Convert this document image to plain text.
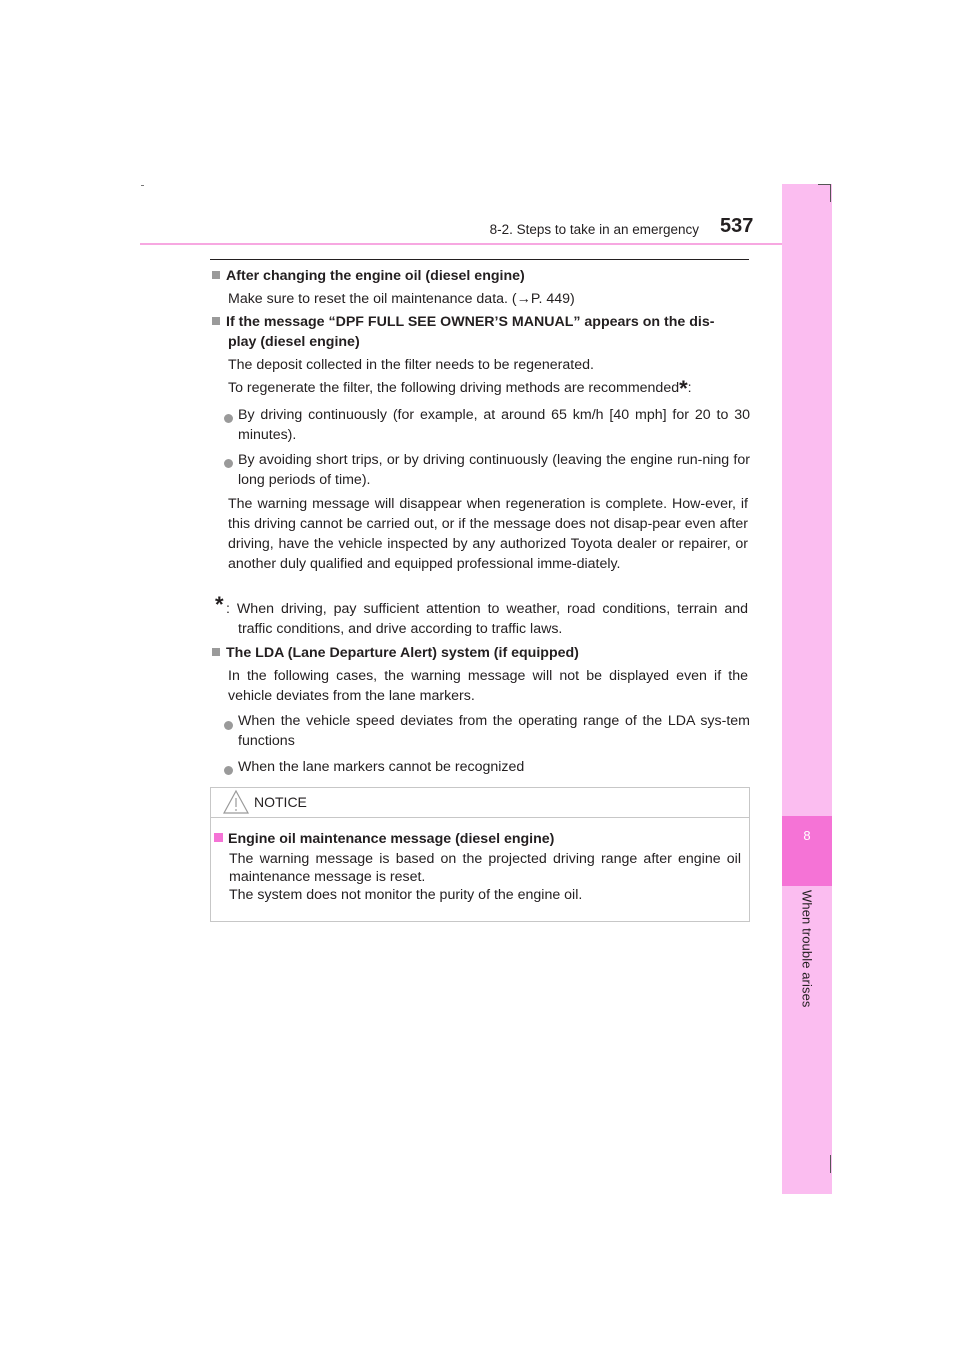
8-2. Steps to take in an emergency 537
8
When trouble arises
After changing the engine oil (diesel engine)
Make sure to reset the oil maintenance data. (→P. 449)
If the message “DPF FULL SEE OWNER’S MANUAL” appears on the dis-
play (diesel engine)
The deposit collected in the filter needs to be regenerated.
To regenerate the filter, the following driving methods are recommended*:
By driving continuously (for example, at around 65 km/h [40 mph] for 20 to 30 minutes).
By avoiding short trips, or by driving continuously (leaving the engine run-ning for long periods of time).
The warning message will disappear when regeneration is complete. How-ever, if this driving cannot be carried out, or if the message does not disap-pear even after driving, have the vehicle inspected by any authorized Toyota dealer or repairer, or another duly qualified and equipped professional imme-diately.
* : When driving, pay sufficient attention to weather, road conditions, terrain and traffic conditions, and drive according to traffic laws.
The LDA (Lane Departure Alert) system (if equipped)
In the following cases, the warning message will not be displayed even if the vehicle deviates from the lane markers.
When the vehicle speed deviates from the operating range of the LDA sys-tem functions
When the lane markers cannot be recognized
NOTICE
Engine oil maintenance message (diesel engine)
The warning message is based on the projected driving range after engine oil maintenance message is reset.
The system does not monitor the purity of the engine oil.
